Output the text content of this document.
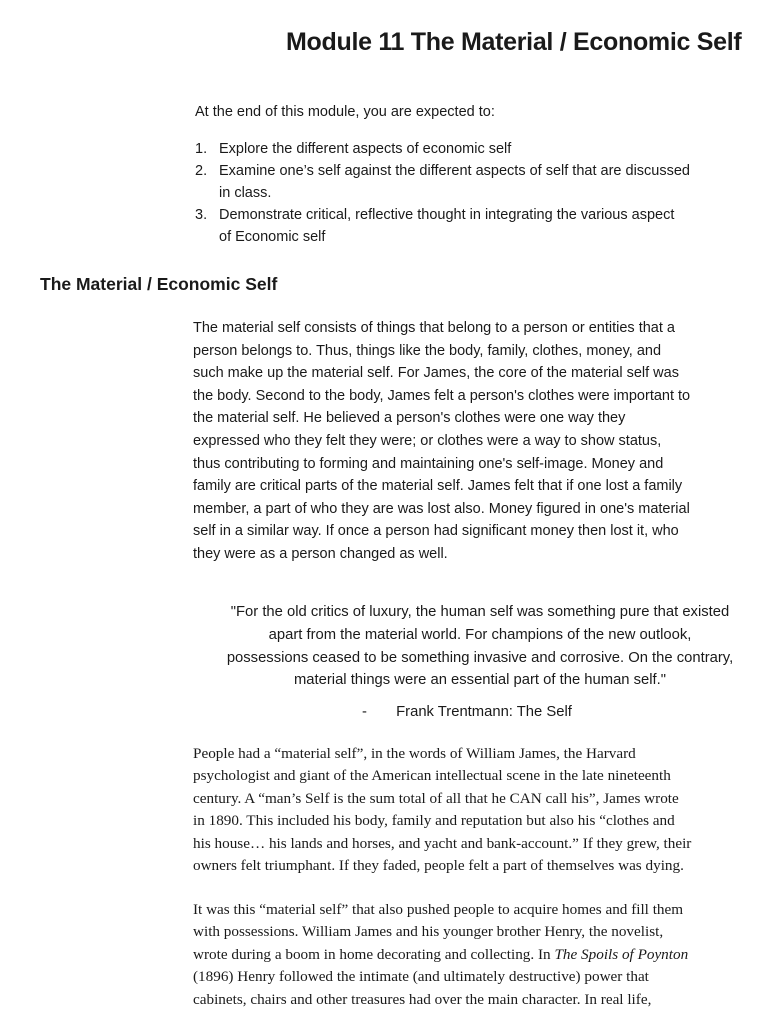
Module 11 The Material / Economic Self
At the end of this module, you are expected to:
1. Explore the different aspects of economic self
2. Examine one’s self against the different aspects of self that are discussed
in class.
3. Demonstrate critical, reflective thought in integrating the various aspect
of Economic self
The Material / Economic Self
The material self consists of things that belong to a person or entities that a
person belongs to. Thus, things like the body, family, clothes, money, and
such make up the material self. For James, the core of the material self was
the body. Second to the body, James felt a person's clothes were important to
the material self. He believed a person's clothes were one way they
expressed who they felt they were; or clothes were a way to show status,
thus contributing to forming and maintaining one's self-image. Money and
family are critical parts of the material self. James felt that if one lost a family
member, a part of who they are was lost also. Money figured in one's material
self in a similar way. If once a person had significant money then lost it, who
they were as a person changed as well.
"For the old critics of luxury, the human self was something pure that existed
apart from the material world. For champions of the new outlook,
possessions ceased to be something invasive and corrosive. On the contrary,
material things were an essential part of the human self."
- Frank Trentmann: The Self
People had a “material self”, in the words of William James, the Harvard
psychologist and giant of the American intellectual scene in the late nineteenth
century. A “man’s Self is the sum total of all that he CAN call his”, James wrote
in 1890. This included his body, family and reputation but also his “clothes and
his house… his lands and horses, and yacht and bank-account.” If they grew, their
owners felt triumphant. If they faded, people felt a part of themselves was dying.
It was this “material self” that also pushed people to acquire homes and fill them
with possessions. William James and his younger brother Henry, the novelist,
wrote during a boom in home decorating and collecting. In The Spoils of Poynton
(1896) Henry followed the intimate (and ultimately destructive) power that
cabinets, chairs and other treasures had over the main character. In real life,
